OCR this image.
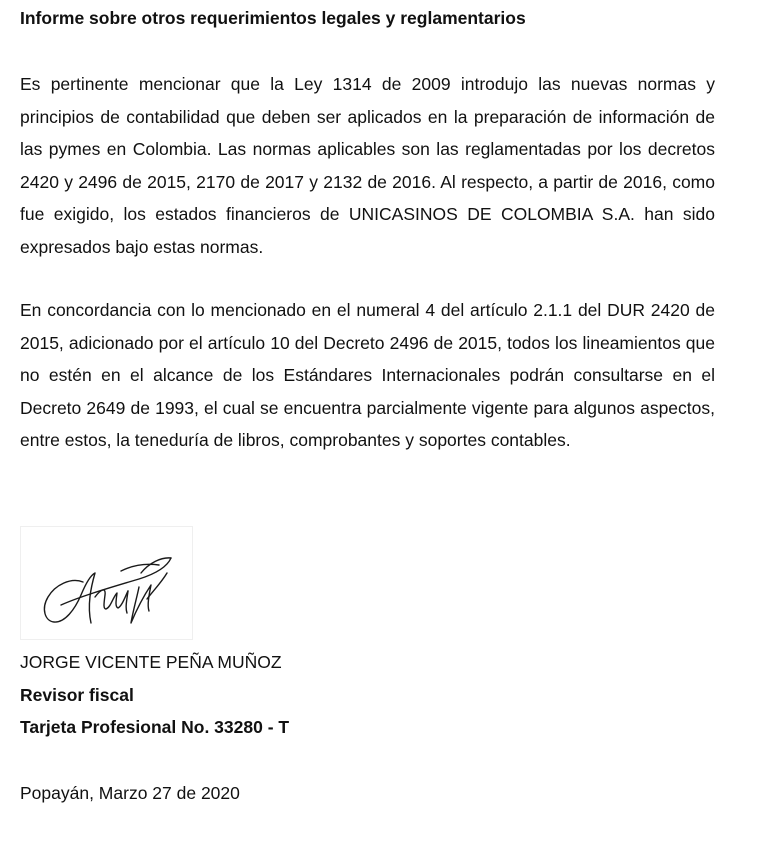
Informe sobre otros requerimientos legales y reglamentarios

Es pertinente mencionar que la Ley 1314 de 2009 introdujo las nuevas normas y principios de contabilidad que deben ser aplicados en la preparación de información de las pymes en Colombia. Las normas aplicables son las reglamentadas por los decretos 2420 y 2496 de 2015, 2170 de 2017 y 2132 de 2016. Al respecto, a partir de 2016, como fue exigido, los estados financieros de UNICASINOS DE COLOMBIA S.A. han sido expresados bajo estas normas.

En concordancia con lo mencionado en el numeral 4 del artículo 2.1.1 del DUR 2420 de 2015, adicionado por el artículo 10 del Decreto 2496 de 2015, todos los lineamientos que no estén en el alcance de los Estándares Internacionales podrán consultarse en el Decreto 2649 de 1993, el cual se encuentra parcialmente vigente para algunos aspectos, entre estos, la teneduría de libros, comprobantes y soportes contables.

JORGE VICENTE PEÑA MUÑOZ

Revisor fiscal

Tarjeta Profesional No. 33280 - T

Popayán, Marzo 27 de 2020
